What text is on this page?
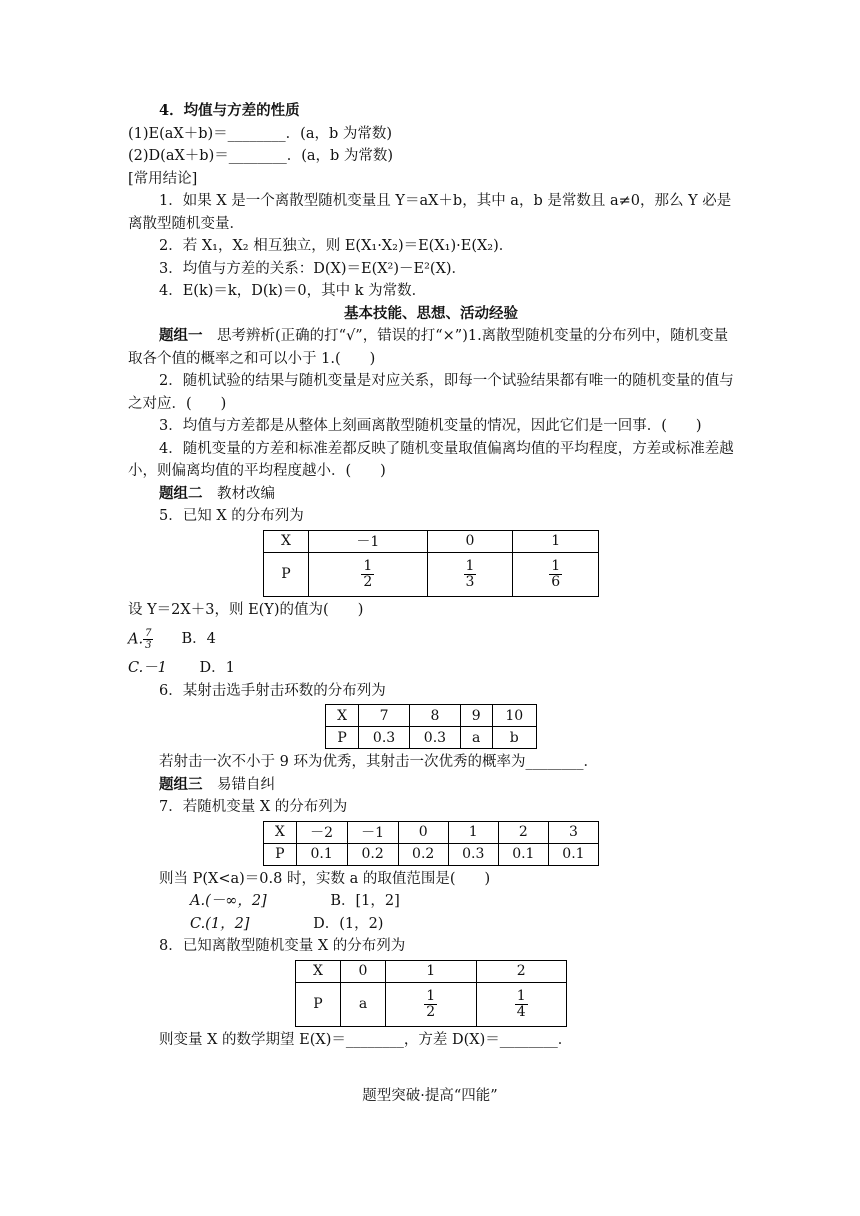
4．均值与方差的性质
(1)E(aX＋b)＝________．(a，b 为常数)
(2)D(aX＋b)＝________．(a，b 为常数)
[常用结论]
1．如果 X 是一个离散型随机变量且 Y＝aX＋b，其中 a，b 是常数且 a≠0，那么 Y 必是离散型随机变量．
2．若 X₁，X₂ 相互独立，则 E(X₁·X₂)＝E(X₁)·E(X₂)．
3．均值与方差的关系：D(X)＝E(X²)－E²(X)．
4．E(k)＝k，D(k)＝0，其中 k 为常数．
基本技能、思想、活动经验
题组一　思考辨析(正确的打“√”，错误的打“×”)1.离散型随机变量的分布列中，随机变量取各个值的概率之和可以小于 1.(　　)
2．随机试验的结果与随机变量是对应关系，即每一个试验结果都有唯一的随机变量的值与之对应．(　　)
3．均值与方差都是从整体上刻画离散型随机变量的情况，因此它们是一回事．(　　)
4．随机变量的方差和标准差都反映了随机变量取值偏离均值的平均程度，方差或标准差越小，则偏离均值的平均程度越小．(　　)
题组二　教材改编
5．已知 X 的分布列为
X	－1	0	1
P	$\frac{1}{2}$	$\frac{1}{3}$	$\frac{1}{6}$
设 Y＝2X＋3，则 E(Y)的值为(　　)
A. $\frac{7}{3}$ B．4
C.－1 D．1
6．某射击选手射击环数的分布列为
X	7	8	9	10
P	0.3	0.3	a	b
若射击一次不小于 9 环为优秀，其射击一次优秀的概率为________．
题组三　易错自纠
7．若随机变量 X 的分布列为
X	－2	－1	0	1	2	3
P	0.1	0.2	0.2	0.3	0.1	0.1
则当 P(X<a)＝0.8 时，实数 a 的取值范围是(　　)
A.(－∞，2]	B．[1，2]
C.(1，2]	D．(1，2)
8．已知离散型随机变量 X 的分布列为
X	0	1	2
P	a	$\frac{1}{2}$	$\frac{1}{4}$
则变量 X 的数学期望 E(X)＝________，方差 D(X)＝________．
题型突破·提高“四能”
